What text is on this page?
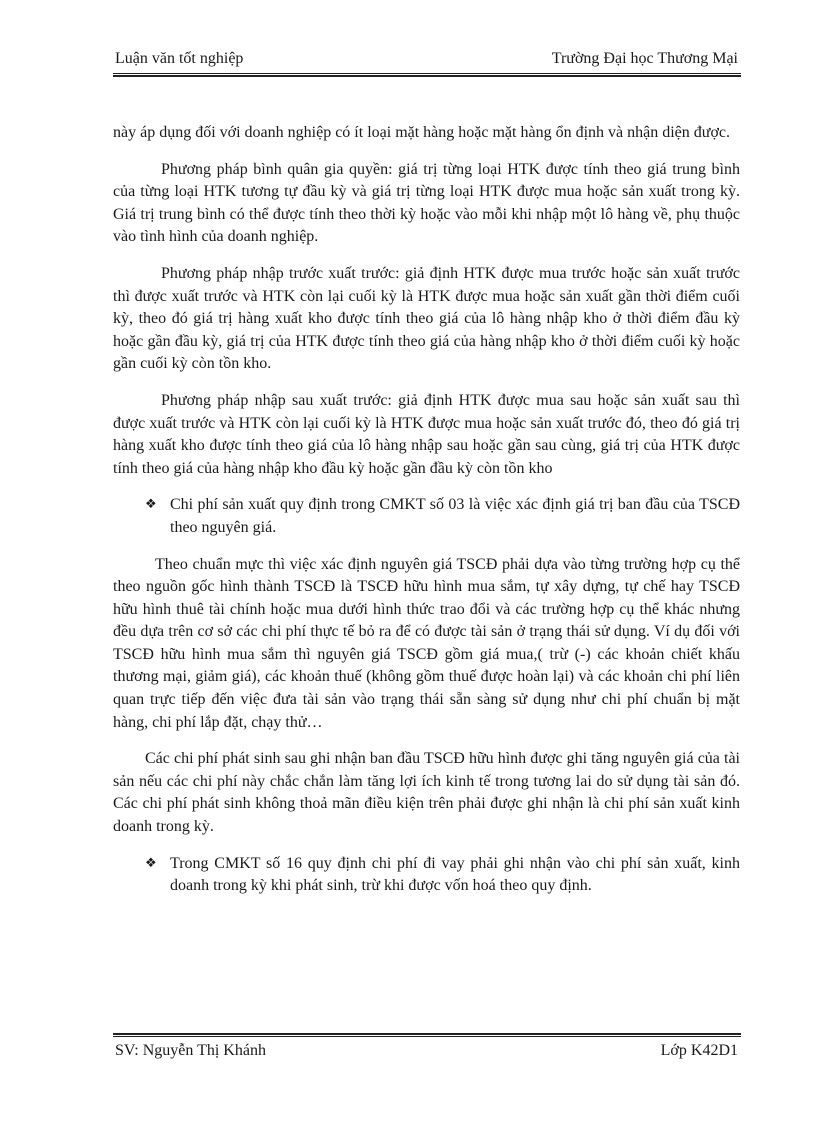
Luận văn tốt nghiệp	Trường Đại học Thương Mại

này áp dụng đối với doanh nghiệp có ít loại mặt hàng hoặc mặt hàng ổn định và nhận diện được.

Phương pháp bình quân gia quyền: giá trị từng loại HTK được tính theo giá trung bình của từng loại HTK tương tự đầu kỳ và giá trị từng loại HTK được mua hoặc sản xuất trong kỳ. Giá trị trung bình có thể được tính theo thời kỳ hoặc vào mỗi khi nhập một lô hàng về, phụ thuộc vào tình hình của doanh nghiệp.

Phương pháp nhập trước xuất trước: giả định HTK được mua trước hoặc sản xuất trước thì được xuất trước và HTK còn lại cuối kỳ là HTK được mua hoặc sản xuất gần thời điểm cuối kỳ, theo đó giá trị hàng xuất kho được tính theo giá của lô hàng nhập kho ở thời điểm đầu kỳ hoặc gần đầu kỳ, giá trị của HTK được tính theo giá của hàng nhập kho ở thời điểm cuối kỳ hoặc gần cuối kỳ còn tồn kho.

Phương pháp nhập sau xuất trước: giả định HTK được mua sau hoặc sản xuất sau thì được xuất trước và HTK còn lại cuối kỳ là HTK được mua hoặc sản xuất trước đó, theo đó giá trị hàng xuất kho được tính theo giá của lô hàng nhập sau hoặc gần sau cùng, giá trị của HTK được tính theo giá của hàng nhập kho đầu kỳ hoặc gần đầu kỳ còn tồn kho

❖ Chi phí sản xuất quy định trong CMKT số 03 là việc xác định giá trị ban đầu của TSCĐ theo nguyên giá.

Theo chuẩn mực thì việc xác định nguyên giá TSCĐ phải dựa vào từng trường hợp cụ thể theo nguồn gốc hình thành TSCĐ là TSCĐ hữu hình mua sắm, tự xây dựng, tự chế hay TSCĐ hữu hình thuê tài chính hoặc mua dưới hình thức trao đổi và các trường hợp cụ thể khác nhưng đều dựa trên cơ sở các chi phí thực tế bỏ ra để có được tài sản ở trạng thái sử dụng. Ví dụ đối với TSCĐ hữu hình mua sắm thì nguyên giá TSCĐ gồm giá mua,( trừ (-) các khoản chiết khấu thương mại, giảm giá), các khoản thuế (không gồm thuế được hoàn lại) và các khoản chi phí liên quan trực tiếp đến việc đưa tài sản vào trạng thái sẵn sàng sử dụng như chi phí chuẩn bị mặt hàng, chi phí lắp đặt, chạy thử…

Các chi phí phát sinh sau ghi nhận ban đầu TSCĐ hữu hình được ghi tăng nguyên giá của tài sản nếu các chi phí này chắc chắn làm tăng lợi ích kinh tế trong tương lai do sử dụng tài sản đó. Các chi phí phát sinh không thoả mãn điều kiện trên phải được ghi nhận là chi phí sản xuất kinh doanh trong kỳ.

❖ Trong CMKT số 16 quy định chi phí đi vay phải ghi nhận vào chi phí sản xuất, kinh doanh trong kỳ khi phát sinh, trừ khi được vốn hoá theo quy định.

SV: Nguyễn Thị Khánh	Lớp K42D1
